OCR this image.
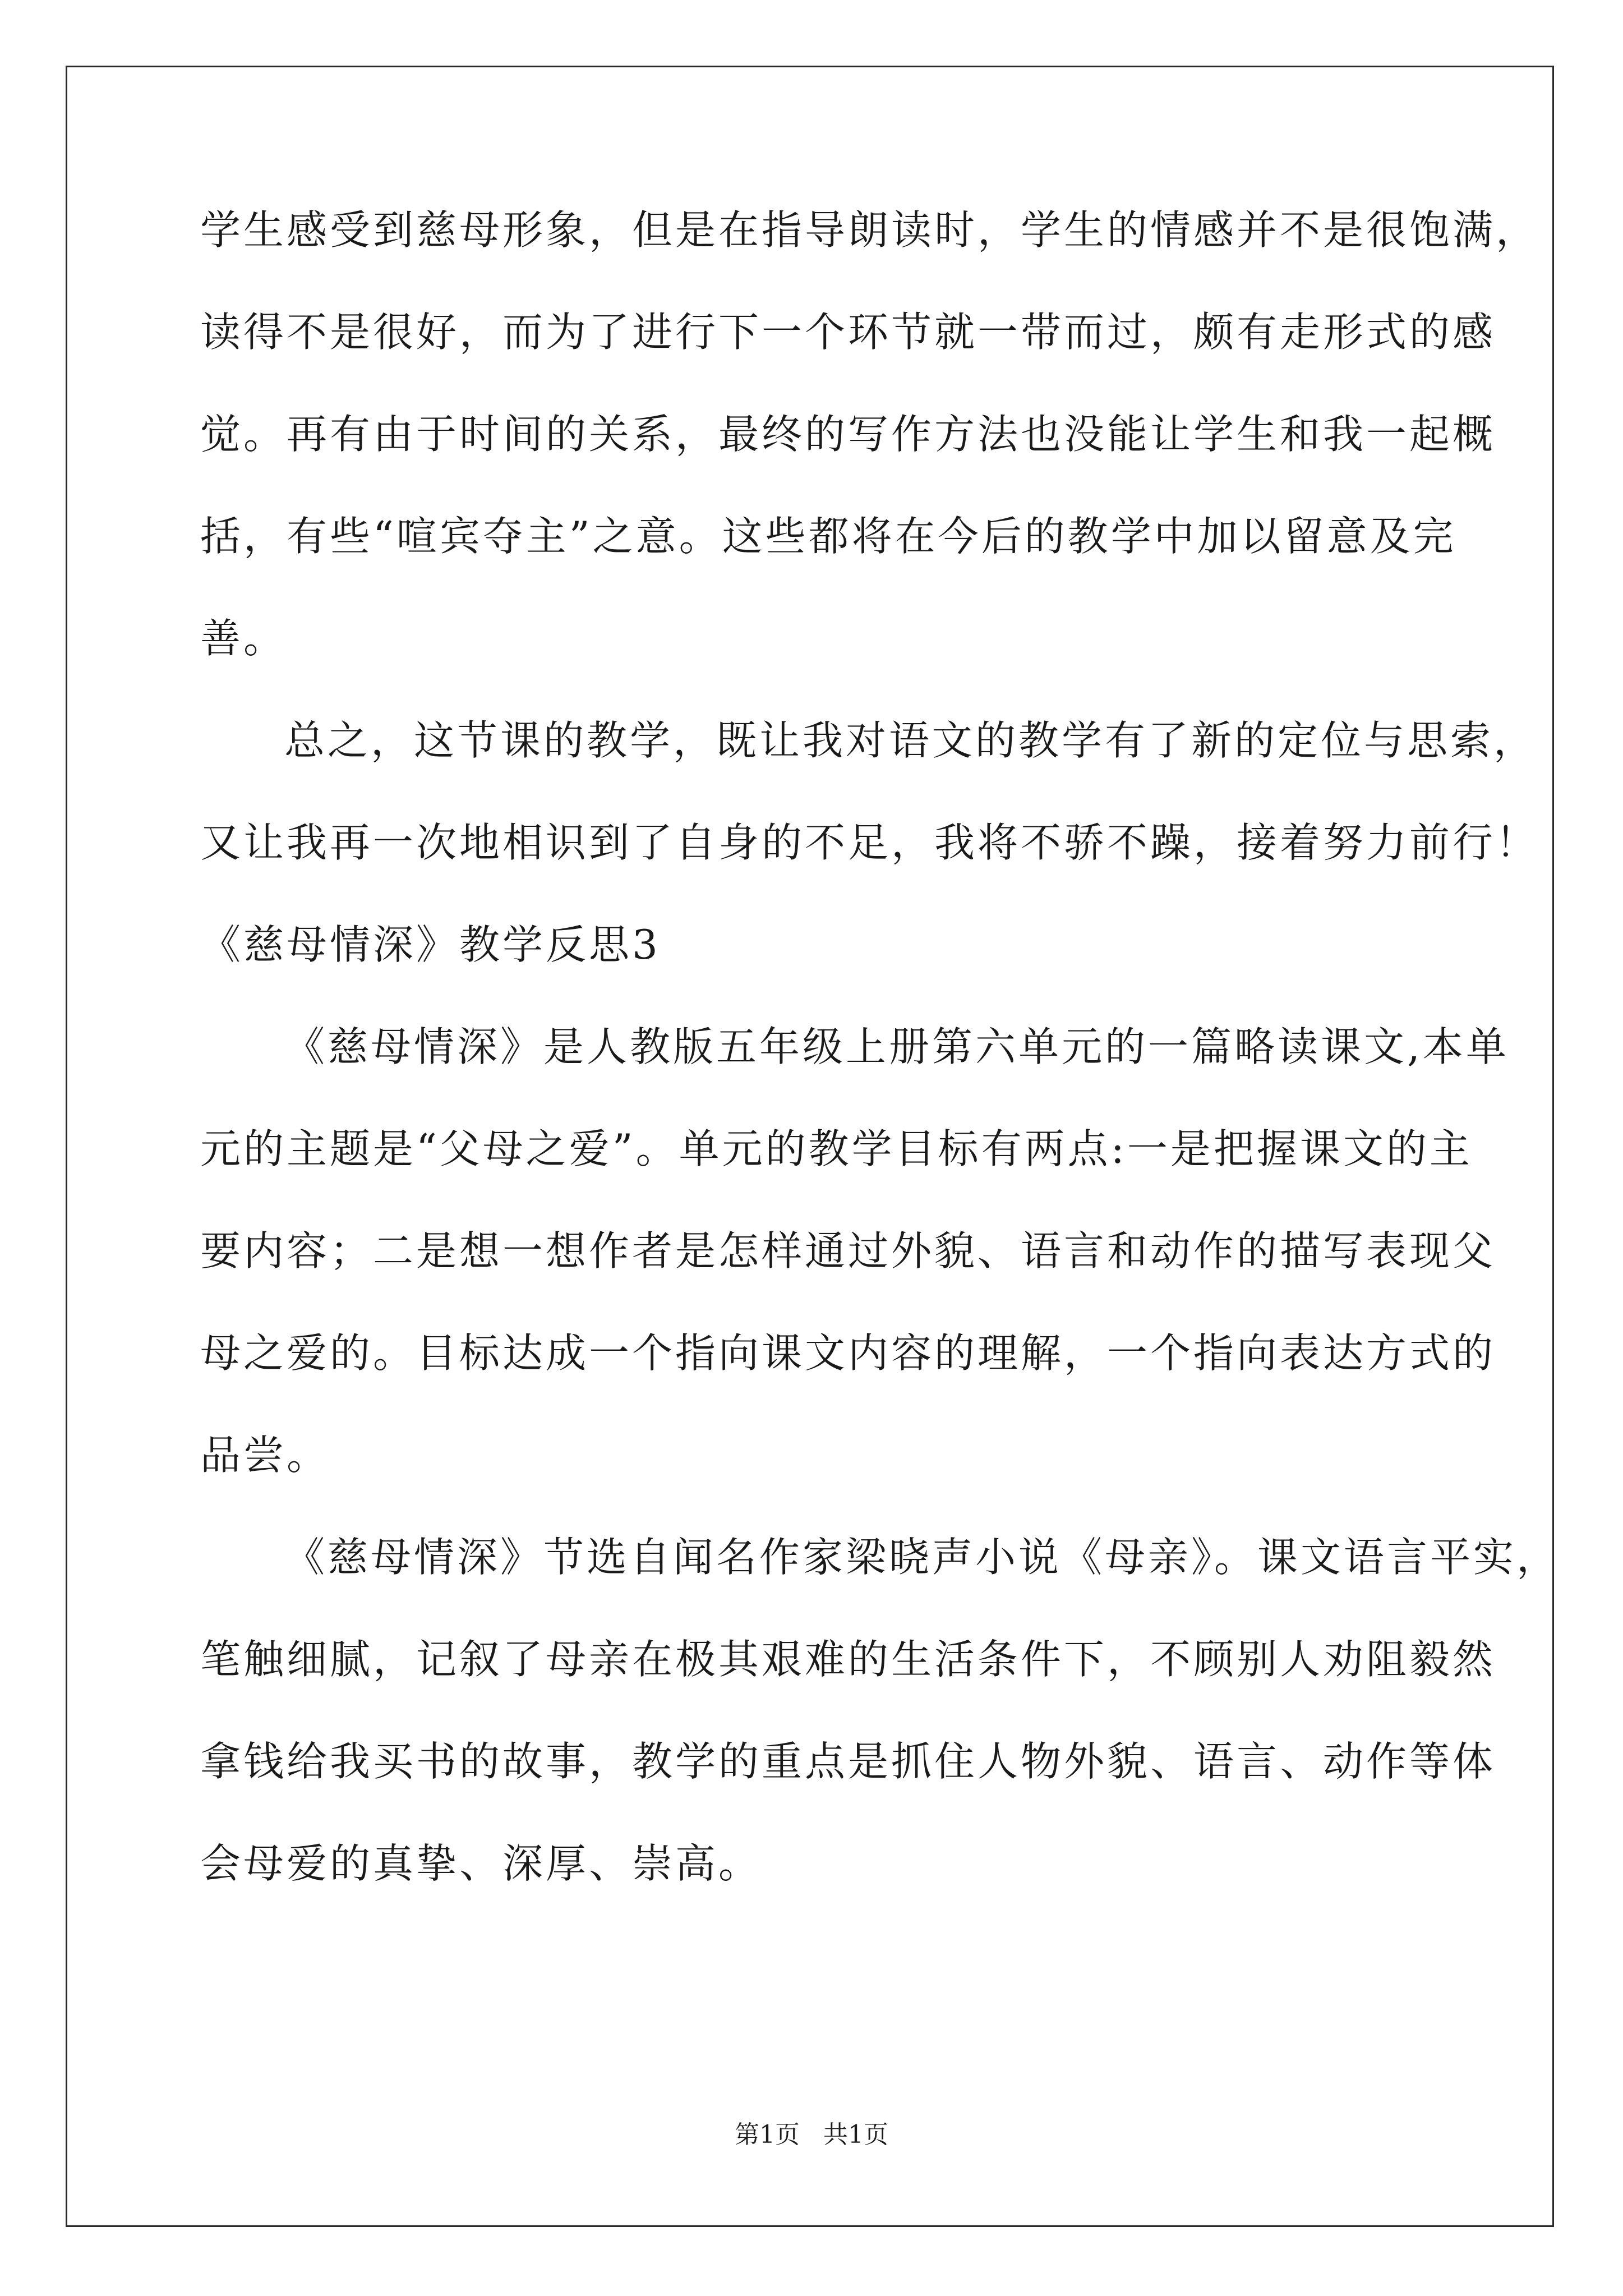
学生感受到慈母形象，但是在指导朗读时，学生的情感并不是很饱满，
读得不是很好，而为了进行下一个环节就一带而过，颇有走形式的感
觉。再有由于时间的关系，最终的写作方法也没能让学生和我一起概
括，有些“喧宾夺主”之意。这些都将在今后的教学中加以留意及完
善。
总之，这节课的教学，既让我对语文的教学有了新的定位与思索，
又让我再一次地相识到了自身的不足，我将不骄不躁，接着努力前行！
《慈母情深》教学反思3
《慈母情深》是人教版五年级上册第六单元的一篇略读课文,本单
元的主题是“父母之爱”。单元的教学目标有两点:一是把握课文的主
要内容；二是想一想作者是怎样通过外貌、语言和动作的描写表现父
母之爱的。目标达成一个指向课文内容的理解，一个指向表达方式的
品尝。
《慈母情深》节选自闻名作家梁晓声小说《母亲》。课文语言平实，
笔触细腻，记叙了母亲在极其艰难的生活条件下，不顾别人劝阻毅然
拿钱给我买书的故事，教学的重点是抓住人物外貌、语言、动作等体
会母爱的真挚、深厚、崇高。
第1页   共1页
